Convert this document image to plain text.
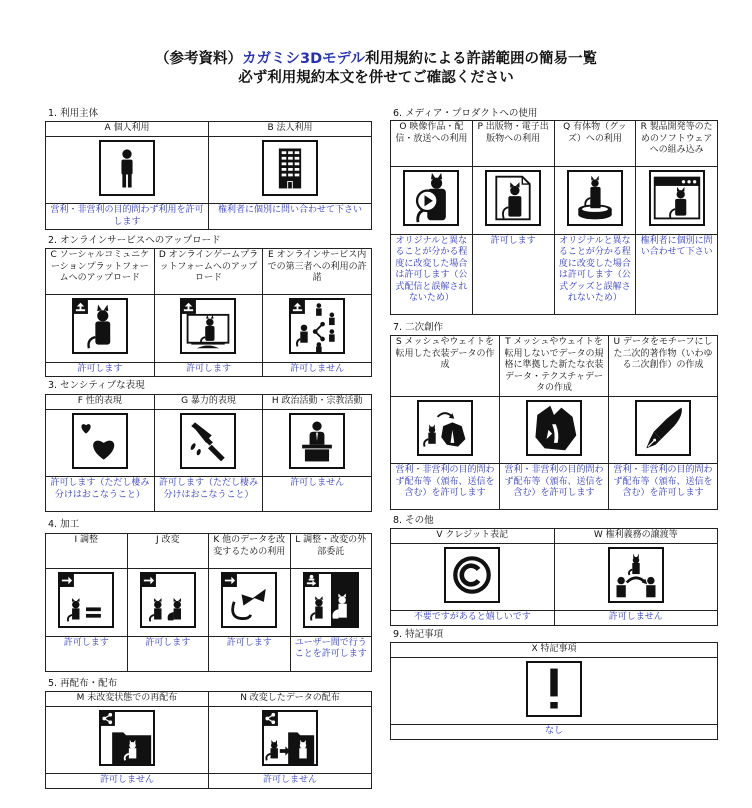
（参考資料）カガミシ3Dモデル利用規約による許諾範囲の簡易一覧
必ず利用規約本文を併せてご確認ください
1. 利用主体
A 個人利用	B 法人利用

営利・非営利の目的問わず利用を許可します	権利者に個別に問い合わせて下さい
2. オンラインサービスへのアップロード
C ソーシャルコミュニケーションプラットフォームへのアップロード	D オンラインゲームプラットフォームへのアップロード	E オンラインサービス内での第三者への利用の許諾

許可します	許可します	許可しません
3. センシティブな表現
F 性的表現	G 暴力的表現	H 政治活動・宗教活動

許可します（ただし棲み分けはおこなうこと）	許可します（ただし棲み分けはおこなうこと）	許可しません
4. 加工
I 調整	J 改変	K 他のデータを改変するための利用	L 調整・改変の外部委託

許可します	許可します	許可します	ユーザー間で行うことを許可します
5. 再配布・配布
M 未改変状態での再配布	N 改変したデータの配布

許可しません	許可しません
6. メディア・プロダクトへの使用
O 映像作品・配信・放送への利用	P 出版物・電子出版物への利用	Q 有体物（グッズ）への利用	R 製品開発等のためのソフトウェアへの組み込み

オリジナルと異なることが分かる程度に改変した場合は許可します（公式配信と誤解されないため）	許可します	オリジナルと異なることが分かる程度に改変した場合は許可します（公式グッズと誤解されないため）	権利者に個別に問い合わせて下さい
7. 二次創作
S メッシュやウェイトを転用した衣装データの作成	T メッシュやウェイトを転用しないでデータの規格に準拠した新たな衣装データ・テクスチャデータの作成	U データをモチーフにした二次的著作物（いわゆる二次創作）の作成

営利・非営利の目的問わず配布等（頒布、送信を含む）を許可します	営利・非営利の目的問わず配布等（頒布、送信を含む）を許可します	営利・非営利の目的問わず配布等（頒布、送信を含む）を許可します
8. その他
V クレジット表記	W 権利義務の譲渡等

不要ですがあると嬉しいです	許可しません
9. 特記事項
X 特記事項

なし
